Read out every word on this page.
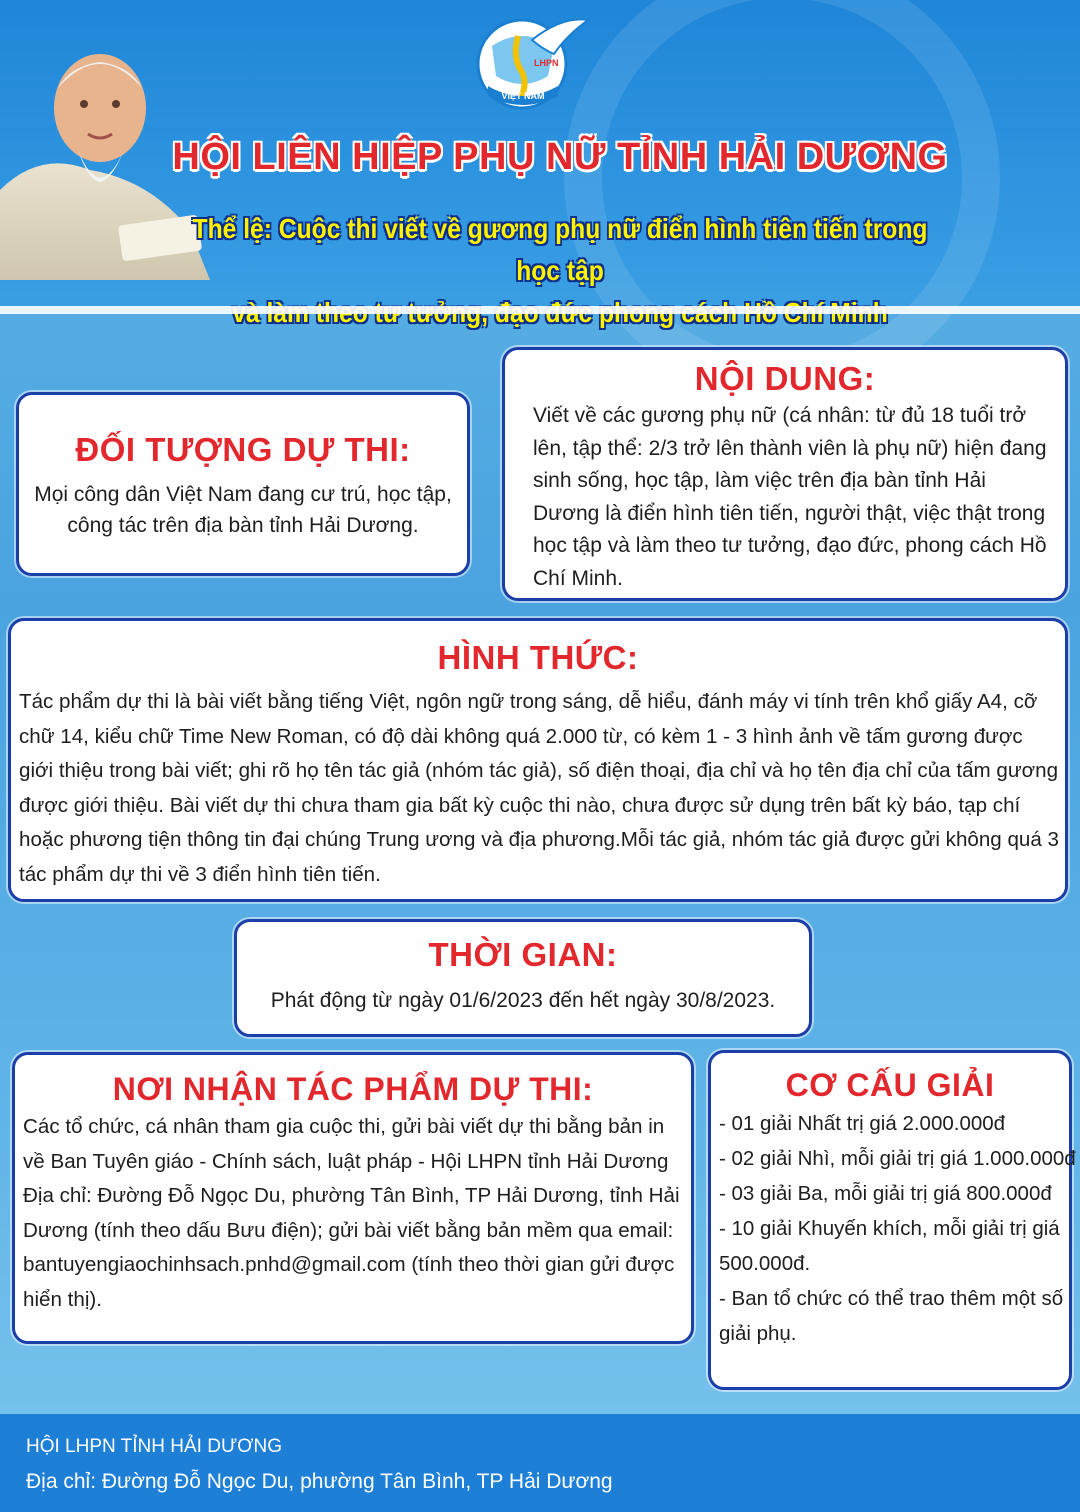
LHPN
VIỆT NAM
HỘI LIÊN HIỆP PHỤ NỮ TỈNH HẢI DƯƠNG
Thể lệ: Cuộc thi viết về gương phụ nữ điển hình tiên tiến trong học tập
ĐỐI TƯỢNG DỰ THI:

Mọi công dân Việt Nam đang cư trú, học tập, công tác trên địa bàn tỉnh Hải Dương.

NỘI DUNG:

Viết về các gương phụ nữ (cá nhân: từ đủ 18 tuổi trở lên, tập thể: 2/3 trở lên thành viên là phụ nữ) hiện đang sinh sống, học tập, làm việc trên địa bàn tỉnh Hải Dương là điển hình tiên tiến, người thật, việc thật trong học tập và làm theo tư tưởng, đạo đức, phong cách Hồ Chí Minh.

HÌNH THỨC:

Tác phẩm dự thi là bài viết bằng tiếng Việt, ngôn ngữ trong sáng, dễ hiểu, đánh máy vi tính trên khổ giấy A4, cỡ chữ 14, kiểu chữ Time New Roman, có độ dài không quá 2.000 từ, có kèm 1 - 3 hình ảnh về tấm gương được giới thiệu trong bài viết; ghi rõ họ tên tác giả (nhóm tác giả), số điện thoại, địa chỉ và họ tên địa chỉ của tấm gương được giới thiệu. Bài viết dự thi chưa tham gia bất kỳ cuộc thi nào, chưa được sử dụng trên bất kỳ báo, tạp chí hoặc phương tiện thông tin đại chúng Trung ương và địa phương.Mỗi tác giả, nhóm tác giả được gửi không quá 3 tác phẩm dự thi về 3 điển hình tiên tiến.

THỜI GIAN:

Phát động từ ngày 01/6/2023 đến hết ngày 30/8/2023.

NƠI NHẬN TÁC PHẨM DỰ THI:

Các tổ chức, cá nhân tham gia cuộc thi, gửi bài viết dự thi bằng bản in về Ban Tuyên giáo - Chính sách, luật pháp - Hội LHPN tỉnh Hải Dương Địa chỉ: Đường Đỗ Ngọc Du, phường Tân Bình, TP Hải Dương, tỉnh Hải Dương (tính theo dấu Bưu điện); gửi bài viết bằng bản mềm qua email: bantuyengiaochinhsach.pnhd@gmail.com (tính theo thời gian gửi được hiển thị).

CƠ CẤU GIẢI
- 01 giải Nhất trị giá 2.000.000đ
- 02 giải Nhì, mỗi giải trị giá 1.000.000đ
- 03 giải Ba, mỗi giải trị giá 800.000đ
- 10 giải Khuyến khích, mỗi giải trị giá 500.000đ.
- Ban tổ chức có thể trao thêm một số giải phụ.
HỘI LHPN TỈNH HẢI DƯƠNG
Địa chỉ: Đường Đỗ Ngọc Du, phường Tân Bình, TP Hải Dương
